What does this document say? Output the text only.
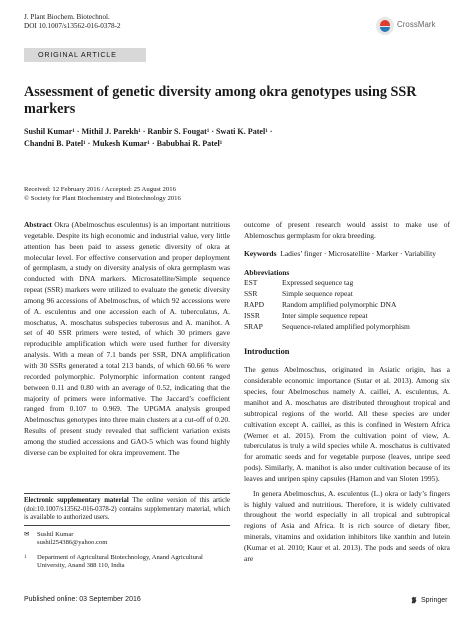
J. Plant Biochem. Biotechnol.
DOI 10.1007/s13562-016-0378-2	CrossMark
ORIGINAL ARTICLE
Assessment of genetic diversity among okra genotypes using SSR markers
Sushil Kumar¹ · Mithil J. Parekh¹ · Ranbir S. Fougat¹ · Swati K. Patel¹ ·
Chandni B. Patel¹ · Mukesh Kumar¹ · Babubhai R. Patel¹
Received: 12 February 2016 / Accepted: 25 August 2016
© Society for Plant Biochemistry and Biotechnology 2016

Abstract Okra (Abelmoschus esculentus) is an important nutritious vegetable. Despite its high economic and industrial value, very little attention has been paid to assess genetic diversity of okra at molecular level. For effective conservation and proper deployment of germplasm, a study on diversity analysis of okra germplasm was conducted with DNA markers. Microsatellite/Simple sequence repeat (SSR) markers were utilized to evaluate the genetic diversity among 96 accessions of Abelmoschus, of which 92 accessions were of A. esculentus and one accession each of A. tuberculatus, A. moschatus, A. moschatus subspecies tuberosus and A. manihot. A set of 40 SSR primers were tested, of which 30 primers gave reproducible amplification which were used further for diversity analysis. With a mean of 7.1 bands per SSR, DNA amplification with 30 SSRs generated a total 213 bands, of which 60.66 % were recorded polymorphic. Polymorphic information content ranged between 0.11 and 0.80 with an average of 0.52, indicating that the majority of primers were informative. The Jaccard’s coefficient ranged from 0.107 to 0.969. The UPGMA analysis grouped Abelmoschus genotypes into three main clusters at a cut-off of 0.20. Results of present study revealed that sufficient variation exists among the studied accessions and GAO-5 which was found highly diverse can be exploited for okra improvement. The

outcome of present research would assist to make use of Ablemoschus germplasm for okra breeding.

Keywords Ladies’ finger · Microsatellite · Marker · Variability

Abbreviations

EST	Expressed sequence tag
SSR	Simple sequence repeat
RAPD	Random amplified polymorphic DNA
ISSR	Inter simple sequence repeat
SRAP	Sequence-related amplified polymorphism

Introduction

The genus Abelmoschus, originated in Asiatic origin, has a considerable economic importance (Sutar et al. 2013). Among six species, four Abelmoschus namely A. caillei, A. esculentus, A. manihot and A. moschatus are distributed throughout tropical and subtropical regions of the world. All these species are under cultivation except A. caillei, as this is confined in Western Africa (Werner et al. 2015). From the cultivation point of view, A. tuberculatus is truly a wild species while A. moschatus is cultivated for aromatic seeds and for vegetable purpose (leaves, unripe seed pods). Similarly, A. manihot is also under cultivation because of its leaves and unripen spiny capsules (Hamon and van Sloten 1995).

In genera Abelmoschus, A. esculentus (L.) okra or lady’s fingers is highly valued and nutritious. Therefore, it is widely cultivated throughout the world especially in all tropical and subtropical regions of Asia and Africa. It is rich source of dietary fiber, minerals, vitamins and oxidation inhibitors like xanthin and lutein (Kumar et al. 2010; Kaur et al. 2013). The pods and seeds of okra are

Electronic supplementary material The online version of this article (doi:10.1007/s13562-016-0378-2) contains supplementary material, which is available to authorized users.
✉	Sushil Kumar
sushil254386@yahoo.com
1	Department of Agricultural Biotechnology, Anand Agricultural University, Anand 388 110, India
Published online: 03 September 2016	Springer
